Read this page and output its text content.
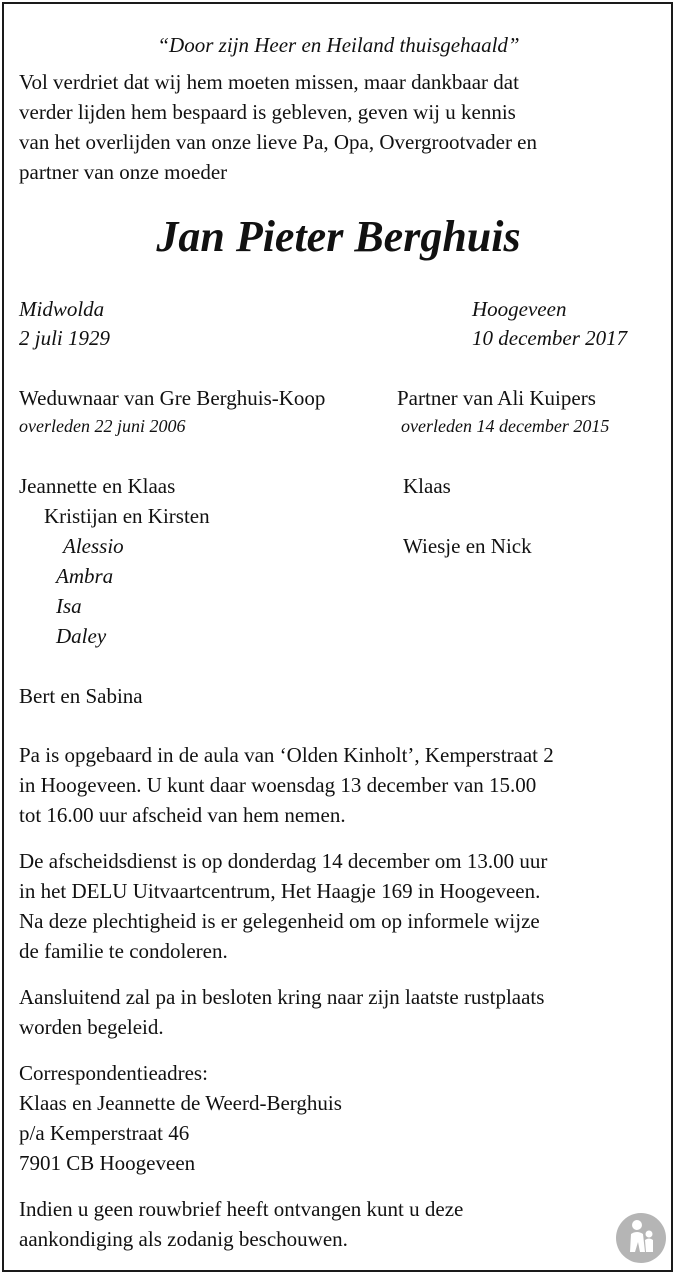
“Door zijn Heer en Heiland thuisgehaald”
Vol verdriet dat wij hem moeten missen, maar dankbaar dat
verder lijden hem bespaard is gebleven, geven wij u kennis
van het overlijden van onze lieve Pa, Opa, Overgrootvader en
partner van onze moeder
Jan Pieter Berghuis
Midwolda
2 juli 1929
Hoogeveen
10 december 2017
Weduwnaar van Gre Berghuis-Koop
overleden 22 juni 2006
Partner van Ali Kuipers
overleden 14 december 2015
Jeannette en Klaas
Kristijan en Kirsten
Alessio
Ambra
Isa
Daley
Bert en Sabina
Klaas
Wiesje en Nick
Pa is opgebaard in de aula van ‘Olden Kinholt’, Kemperstraat 2
in Hoogeveen. U kunt daar woensdag 13 december van 15.00
tot 16.00 uur afscheid van hem nemen.
De afscheidsdienst is op donderdag 14 december om 13.00 uur
in het DELU Uitvaartcentrum, Het Haagje 169 in Hoogeveen.
Na deze plechtigheid is er gelegenheid om op informele wijze
de familie te condoleren.
Aansluitend zal pa in besloten kring naar zijn laatste rustplaats
worden begeleid.
Correspondentieadres:
Klaas en Jeannette de Weerd-Berghuis
p/a Kemperstraat 46
7901 CB Hoogeveen
Indien u geen rouwbrief heeft ontvangen kunt u deze
aankondiging als zodanig beschouwen.
